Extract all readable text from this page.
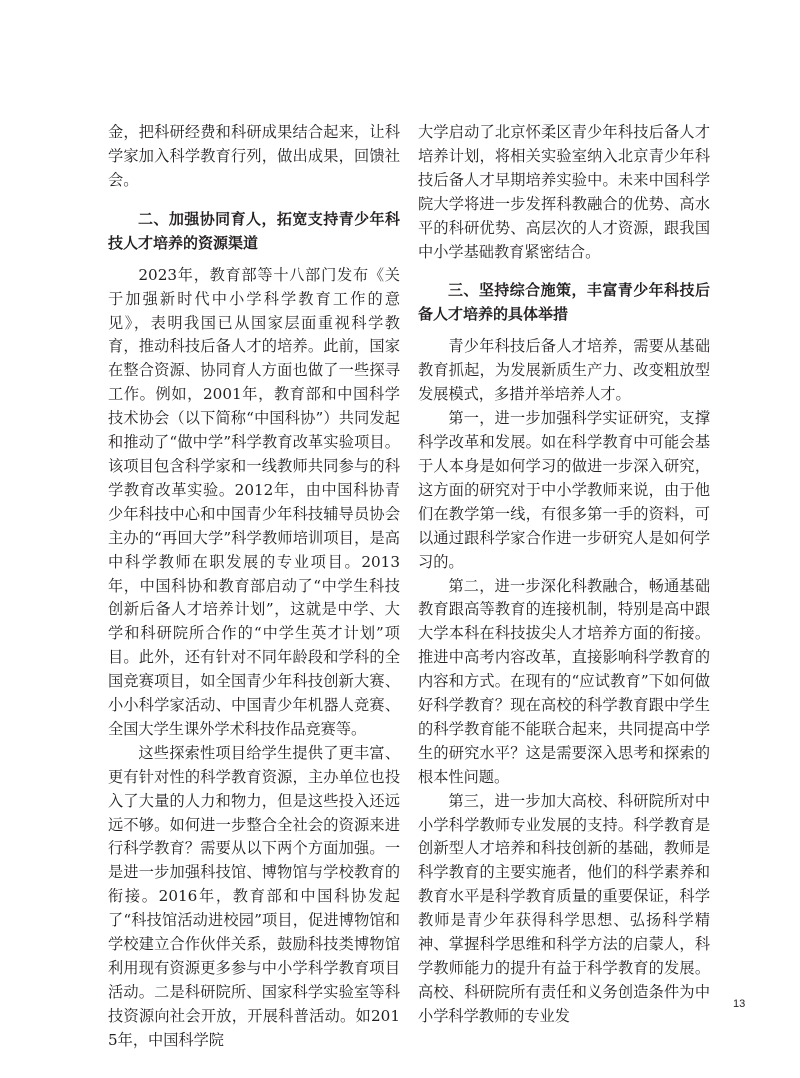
金，把科研经费和科研成果结合起来，让科学家加入科学教育行列，做出成果，回馈社会。

二、加强协同育人，拓宽支持青少年科技人才培养的资源渠道

2023年，教育部等十八部门发布《关于加强新时代中小学科学教育工作的意见》，表明我国已从国家层面重视科学教育，推动科技后备人才的培养。此前，国家在整合资源、协同育人方面也做了一些探寻工作。例如，2001年，教育部和中国科学技术协会（以下简称“中国科协”）共同发起和推动了“做中学”科学教育改革实验项目。该项目包含科学家和一线教师共同参与的科学教育改革实验。2012年，由中国科协青少年科技中心和中国青少年科技辅导员协会主办的“再回大学”科学教师培训项目，是高中科学教师在职发展的专业项目。2013年，中国科协和教育部启动了“中学生科技创新后备人才培养计划”，这就是中学、大学和科研院所合作的“中学生英才计划”项目。此外，还有针对不同年龄段和学科的全国竞赛项目，如全国青少年科技创新大赛、小小科学家活动、中国青少年机器人竞赛、全国大学生课外学术科技作品竞赛等。

这些探索性项目给学生提供了更丰富、更有针对性的科学教育资源，主办单位也投入了大量的人力和物力，但是这些投入还远远不够。如何进一步整合全社会的资源来进行科学教育？需要从以下两个方面加强。一是进一步加强科技馆、博物馆与学校教育的衔接。2016年，教育部和中国科协发起了“科技馆活动进校园”项目，促进博物馆和学校建立合作伙伴关系，鼓励科技类博物馆利用现有资源更多参与中小学科学教育项目活动。二是科研院所、国家科学实验室等科技资源向社会开放，开展科普活动。如2015年，中国科学院

大学启动了北京怀柔区青少年科技后备人才培养计划，将相关实验室纳入北京青少年科技后备人才早期培养实验中。未来中国科学院大学将进一步发挥科教融合的优势、高水平的科研优势、高层次的人才资源，跟我国中小学基础教育紧密结合。

三、坚持综合施策，丰富青少年科技后备人才培养的具体举措

青少年科技后备人才培养，需要从基础教育抓起，为发展新质生产力、改变粗放型发展模式，多措并举培养人才。

第一，进一步加强科学实证研究，支撑科学改革和发展。如在科学教育中可能会基于人本身是如何学习的做进一步深入研究，这方面的研究对于中小学教师来说，由于他们在教学第一线，有很多第一手的资料，可以通过跟科学家合作进一步研究人是如何学习的。

第二，进一步深化科教融合，畅通基础教育跟高等教育的连接机制，特别是高中跟大学本科在科技拔尖人才培养方面的衔接。推进中高考内容改革，直接影响科学教育的内容和方式。在现有的“应试教育”下如何做好科学教育？现在高校的科学教育跟中学生的科学教育能不能联合起来，共同提高中学生的研究水平？这是需要深入思考和探索的根本性问题。

第三，进一步加大高校、科研院所对中小学科学教师专业发展的支持。科学教育是创新型人才培养和科技创新的基础，教师是科学教育的主要实施者，他们的科学素养和教育水平是科学教育质量的重要保证，科学教师是青少年获得科学思想、弘扬科学精神、掌握科学思维和科学方法的启蒙人，科学教师能力的提升有益于科学教育的发展。高校、科研院所有责任和义务创造条件为中小学科学教师的专业发

13
